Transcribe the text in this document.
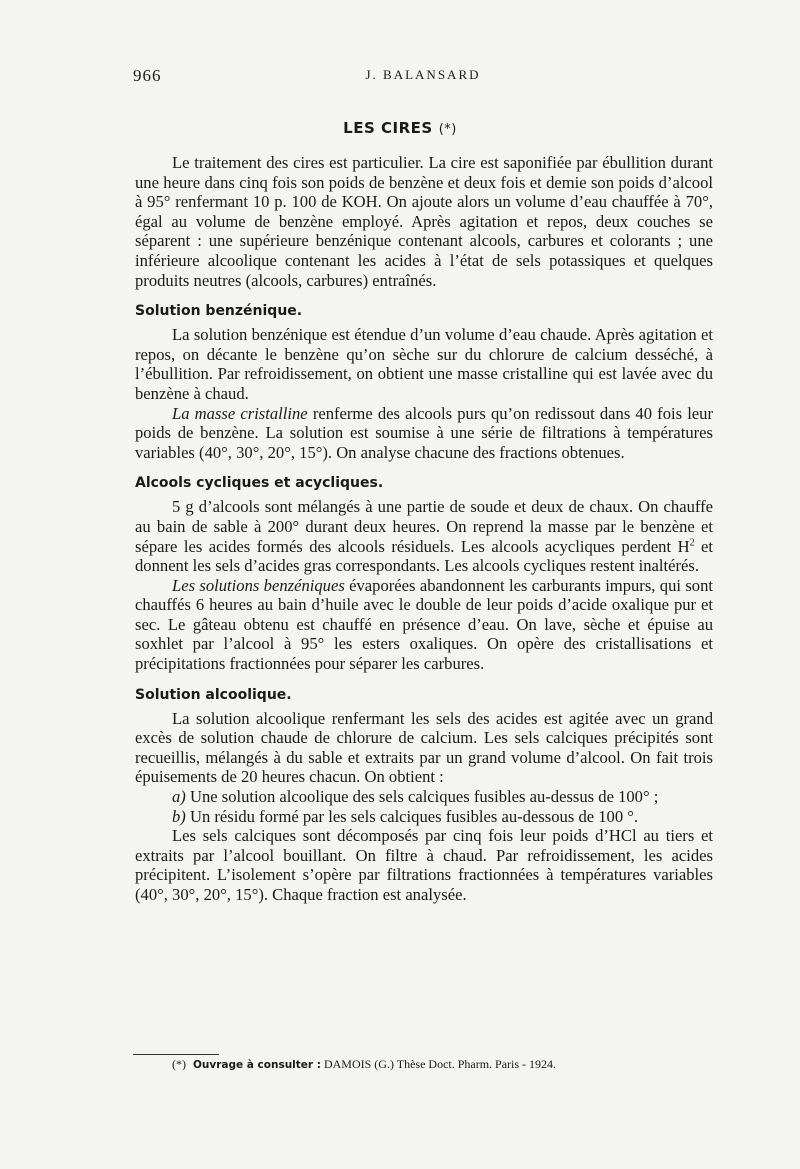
966	J. BALANSARD
LES CIRES (*)

Le traitement des cires est particulier. La cire est saponifiée par ébullition durant une heure dans cinq fois son poids de benzène et deux fois et demie son poids d’alcool à 95° renfermant 10 p. 100 de KOH. On ajoute alors un volume d’eau chauffée à 70°, égal au volume de benzène employé. Après agitation et repos, deux couches se séparent : une supérieure benzénique contenant alcools, carbures et colorants ; une inférieure alcoolique contenant les acides à l’état de sels potassiques et quelques produits neutres (alcools, carbures) entraînés.

Solution benzénique.

La solution benzénique est étendue d’un volume d’eau chaude. Après agitation et repos, on décante le benzène qu’on sèche sur du chlorure de calcium desséché, à l’ébullition. Par refroidissement, on obtient une masse cristalline qui est lavée avec du benzène à chaud.

La masse cristalline renferme des alcools purs qu’on redissout dans 40 fois leur poids de benzène. La solution est soumise à une série de filtrations à températures variables (40°, 30°, 20°, 15°). On analyse chacune des fractions obtenues.

Alcools cycliques et acycliques.

5 g d’alcools sont mélangés à une partie de soude et deux de chaux. On chauffe au bain de sable à 200° durant deux heures. On reprend la masse par le benzène et sépare les acides formés des alcools résiduels. Les alcools acycliques perdent $H^2$ et donnent les sels d’acides gras correspondants. Les alcools cycliques restent inaltérés.

Les solutions benzéniques évaporées abandonnent les carburants impurs, qui sont chauffés 6 heures au bain d’huile avec le double de leur poids d’acide oxalique pur et sec. Le gâteau obtenu est chauffé en présence d’eau. On lave, sèche et épuise au soxhlet par l’alcool à 95° les esters oxaliques. On opère des cristallisations et précipitations fractionnées pour séparer les carbures.

Solution alcoolique.

La solution alcoolique renfermant les sels des acides est agitée avec un grand excès de solution chaude de chlorure de calcium. Les sels calciques précipités sont recueillis, mélangés à du sable et extraits par un grand volume d’alcool. On fait trois épuisements de 20 heures chacun. On obtient :

a) Une solution alcoolique des sels calciques fusibles au-dessus de 100° ;

b) Un résidu formé par les sels calciques fusibles au-dessous de 100 °.

Les sels calciques sont décomposés par cinq fois leur poids d’HCl au tiers et extraits par l’alcool bouillant. On filtre à chaud. Par refroidissement, les acides précipitent. L’isolement s’opère par filtrations fractionnées à températures variables (40°, 30°, 20°, 15°). Chaque fraction est analysée.

(*) Ouvrage à consulter : DAMOIS (G.) Thèse Doct. Pharm. Paris - 1924.
